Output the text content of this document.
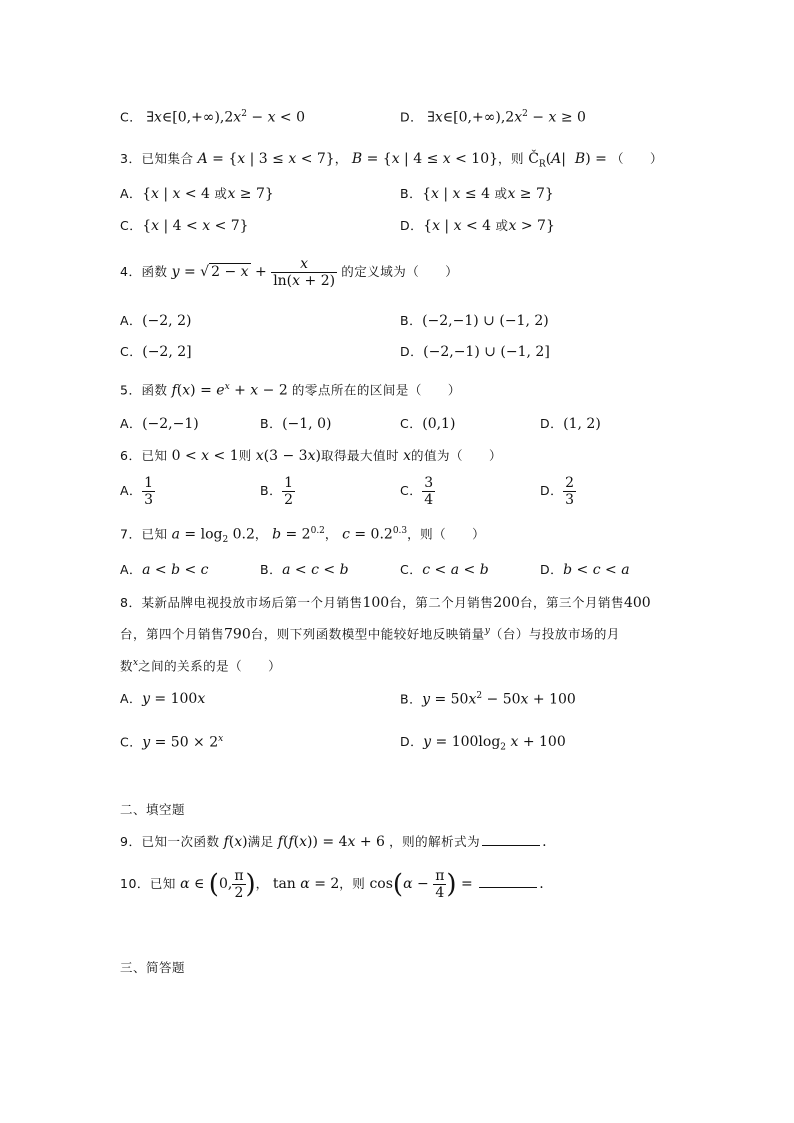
C． $\exists x\in[0,+\infty),2x^2 - x < 0$	D． $\exists x\in[0,+\infty),2x^2 - x \ge 0$
3．已知集合 A = {x | 3 ≤ x < 7}， B = {x | 4 ≤ x < 10}，则 $Č_R(A|$  B) = （　　）
A．{x | x < 4 或x ≥ 7}	B．{x | x ≤ 4 或x ≥ 7}
C．{x | 4 < x < 7}	D．{x | x < 4 或x > 7}
4．函数 y = √ $2 - x + \frac{x}{\ln(x + 2)}$ 的定义域为（　　）
A．(−2, 2)	B．(−2,−1) ∪ (−1, 2)
C．(−2, 2]	D．(−2,−1) ∪ (−1, 2]
5．函数 $f(x) = e^x + x - 2$ 的零点所在的区间是（　　）
A．(−2,−1)	B．(−1, 0)	C．(0,1)	D．(1, 2)
6．已知 0 < x < 1则 x(3 − 3x)取得最大值时 x的值为（　　）
A． $\frac{1}{3}$	B． $\frac{1}{2}$	C． $\frac{3}{4}$	D． $\frac{2}{3}$
7．已知 $a = \log_2 0.2$， $b = 2^{0.2}$， $c = 0.2^{0.3}$，则（　　）
A．a < b < c	B．a < c < b	C．c < a < b	D．b < c < a
8．某新品牌电视投放市场后第一个月销售100台，第二个月销售200台，第三个月销售400
台，第四个月销售790台，则下列函数模型中能较好地反映销量$^y$（台）与投放市场的月
数$^x$之间的关系的是（　　）
A．y = 100x	B．$y = 50x^2 - 50x + 100$
C．$y = 50 \times 2^x$	D．$y = 100\log_2$ x + 100
二、填空题
9．已知一次函数 f(x)满足 f(f(x)) = 4x + 6 ，则的解析式为	.
10．已知 α ∈ (0, $\frac{\pi}{2}$ )， tan α = 2，则 $\cos(\alpha - \frac{\pi}{4}$ ) =	.
三、简答题
